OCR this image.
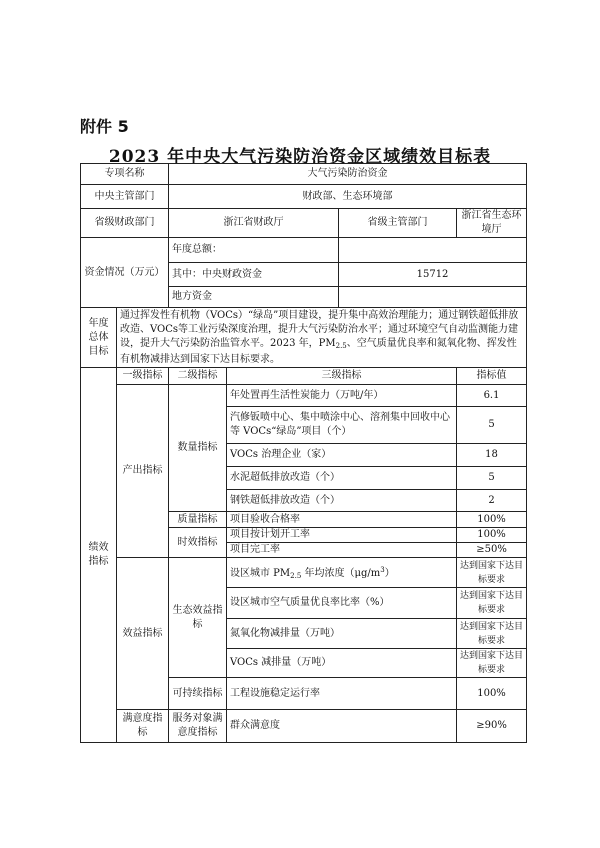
附件 5
2023 年中央大气污染防治资金区域绩效目标表
专项名称		大气污染防治资金			
中央主管部门		财政部、生态环境部			
省级财政部门		浙江省财政厅		省级主管部门	浙江省生态环境厅
资金情况（万元）		年度总额：			
		其中：中央财政资金		15712	
		地方资金			
年度总体目标	通过挥发性有机物（VOCs）“绿岛”项目建设，提升集中高效治理能力；通过钢铁超低排放改造、VOCs等工业污染深度治理，提升大气污染防治水平；通过环境空气自动监测能力建设，提升大气污染防治监管水平。2023 年，$PM_{2.5}$、空气质量优良率和氮氧化物、挥发性有机物减排达到国家下达目标要求。				
绩效指标	一级指标	二级指标	三级指标		指标值
	产出指标	数量指标	年处置再生活性炭能力（万吨/年）		6.1
			汽修钣喷中心、集中喷涂中心、溶剂集中回收中心等 VOCs“绿岛”项目（个）		5
			VOCs 治理企业（家）		18
			水泥超低排放改造（个）		5
			钢铁超低排放改造（个）		2
		质量指标	项目验收合格率		100%
		时效指标	项目按计划开工率		100%
			项目完工率		≥50%
	效益指标	生态效益指标	设区城市 $PM_{2.5}$ 年均浓度$(\mu g/m^3)$		达到国家下达目标要求
			设区城市空气质量优良率比率（%）		达到国家下达目标要求
			氮氧化物减排量（万吨）		达到国家下达目标要求
			VOCs 减排量（万吨）		达到国家下达目标要求
		可持续指标	工程设施稳定运行率		100%
	满意度指标	服务对象满意度指标	群众满意度		≥90%
